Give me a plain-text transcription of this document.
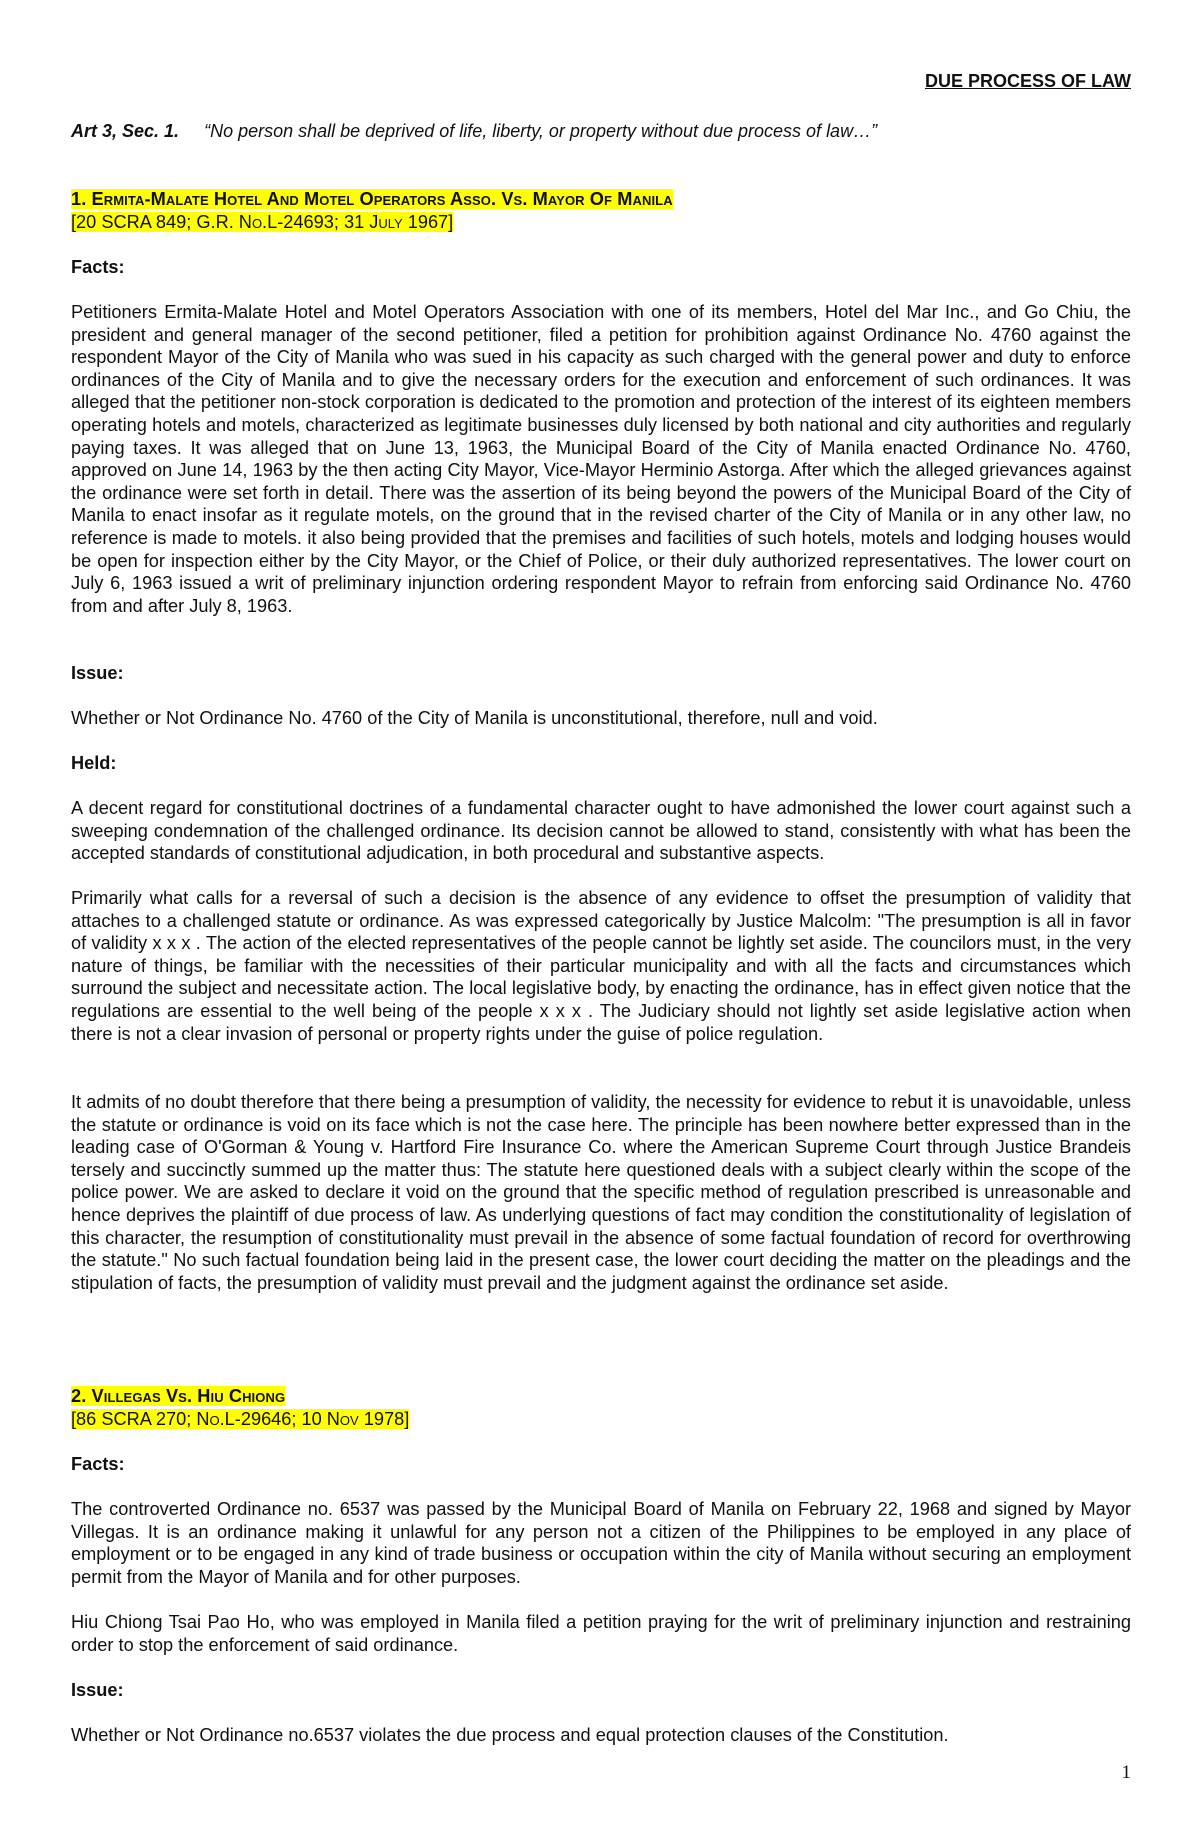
DUE PROCESS OF LAW
Art 3, Sec. 1. “No person shall be deprived of life, liberty, or property without due process of law…”
1. Ermita-Malate Hotel And Motel Operators Asso. Vs. Mayor Of Manila
[20 SCRA 849; G.R. No.L-24693; 31 July 1967]
Facts:

Petitioners Ermita-Malate Hotel and Motel Operators Association with one of its members, Hotel del Mar Inc., and Go Chiu, the president and general manager of the second petitioner, filed a petition for prohibition against Ordinance No. 4760 against the respondent Mayor of the City of Manila who was sued in his capacity as such charged with the general power and duty to enforce ordinances of the City of Manila and to give the necessary orders for the execution and enforcement of such ordinances. It was alleged that the petitioner non-stock corporation is dedicated to the promotion and protection of the interest of its eighteen members operating hotels and motels, characterized as legitimate businesses duly licensed by both national and city authorities and regularly paying taxes. It was alleged that on June 13, 1963, the Municipal Board of the City of Manila enacted Ordinance No. 4760, approved on June 14, 1963 by the then acting City Mayor, Vice-Mayor Herminio Astorga. After which the alleged grievances against the ordinance were set forth in detail. There was the assertion of its being beyond the powers of the Municipal Board of the City of Manila to enact insofar as it regulate motels, on the ground that in the revised charter of the City of Manila or in any other law, no reference is made to motels. it also being provided that the premises and facilities of such hotels, motels and lodging houses would be open for inspection either by the City Mayor, or the Chief of Police, or their duly authorized representatives. The lower court on July 6, 1963 issued a writ of preliminary injunction ordering respondent Mayor to refrain from enforcing said Ordinance No. 4760 from and after July 8, 1963.

Issue:

Whether or Not Ordinance No. 4760 of the City of Manila is unconstitutional, therefore, null and void.

Held:

A decent regard for constitutional doctrines of a fundamental character ought to have admonished the lower court against such a sweeping condemnation of the challenged ordinance. Its decision cannot be allowed to stand, consistently with what has been the accepted standards of constitutional adjudication, in both procedural and substantive aspects.

Primarily what calls for a reversal of such a decision is the absence of any evidence to offset the presumption of validity that attaches to a challenged statute or ordinance. As was expressed categorically by Justice Malcolm: "The presumption is all in favor of validity x x x . The action of the elected representatives of the people cannot be lightly set aside. The councilors must, in the very nature of things, be familiar with the necessities of their particular municipality and with all the facts and circumstances which surround the subject and necessitate action. The local legislative body, by enacting the ordinance, has in effect given notice that the regulations are essential to the well being of the people x x x . The Judiciary should not lightly set aside legislative action when there is not a clear invasion of personal or property rights under the guise of police regulation.

It admits of no doubt therefore that there being a presumption of validity, the necessity for evidence to rebut it is unavoidable, unless the statute or ordinance is void on its face which is not the case here. The principle has been nowhere better expressed than in the leading case of O'Gorman & Young v. Hartford Fire Insurance Co. where the American Supreme Court through Justice Brandeis tersely and succinctly summed up the matter thus: The statute here questioned deals with a subject clearly within the scope of the police power. We are asked to declare it void on the ground that the specific method of regulation prescribed is unreasonable and hence deprives the plaintiff of due process of law. As underlying questions of fact may condition the constitutionality of legislation of this character, the resumption of constitutionality must prevail in the absence of some factual foundation of record for overthrowing the statute." No such factual foundation being laid in the present case, the lower court deciding the matter on the pleadings and the stipulation of facts, the presumption of validity must prevail and the judgment against the ordinance set aside.

2. Villegas Vs. Hiu Chiong
[86 SCRA 270; No.L-29646; 10 Nov 1978]
Facts:

The controverted Ordinance no. 6537 was passed by the Municipal Board of Manila on February 22, 1968 and signed by Mayor Villegas. It is an ordinance making it unlawful for any person not a citizen of the Philippines to be employed in any place of employment or to be engaged in any kind of trade business or occupation within the city of Manila without securing an employment permit from the Mayor of Manila and for other purposes.

Hiu Chiong Tsai Pao Ho, who was employed in Manila filed a petition praying for the writ of preliminary injunction and restraining order to stop the enforcement of said ordinance.

Issue:

Whether or Not Ordinance no.6537 violates the due process and equal protection clauses of the Constitution.

1
